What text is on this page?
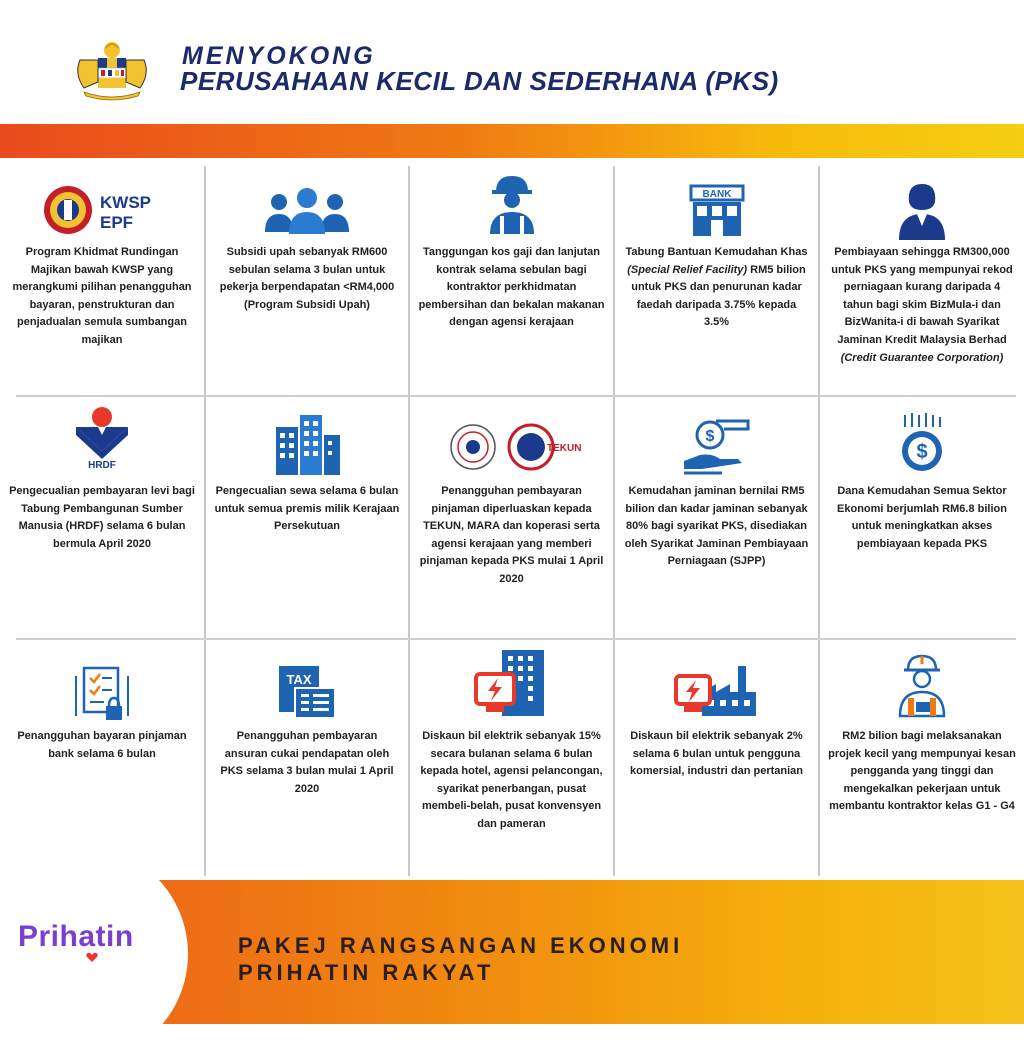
MENYOKONG
PERUSAHAAN KECIL DAN SEDERHANA (PKS)
KWSP
EPF
Program Khidmat Rundingan Majikan bawah KWSP yang merangkumi pilihan penangguhan bayaran, penstrukturan dan penjadualan semula sumbangan majikan
Subsidi upah sebanyak RM600 sebulan selama 3 bulan untuk pekerja berpendapatan <RM4,000 (Program Subsidi Upah)
Tanggungan kos gaji dan lanjutan kontrak selama sebulan bagi kontraktor perkhidmatan pembersihan dan bekalan makanan dengan agensi kerajaan
BANK
Tabung Bantuan Kemudahan Khas (Special Relief Facility) RM5 bilion untuk PKS dan penurunan kadar faedah daripada 3.75% kepada 3.5%
Pembiayaan sehingga RM300,000 untuk PKS yang mempunyai rekod perniagaan kurang daripada 4 tahun bagi skim BizMula-i dan BizWanita-i di bawah Syarikat Jaminan Kredit Malaysia Berhad (Credit Guarantee Corporation)
HRDF
Pengecualian pembayaran levi bagi Tabung Pembangunan Sumber Manusia (HRDF) selama 6 bulan bermula April 2020
Pengecualian sewa selama 6 bulan untuk semua premis milik Kerajaan Persekutuan
TEKUN
Penangguhan pembayaran pinjaman diperluaskan kepada TEKUN, MARA dan koperasi serta agensi kerajaan yang memberi pinjaman kepada PKS mulai 1 April 2020
$
Kemudahan jaminan bernilai RM5 bilion dan kadar jaminan sebanyak 80% bagi syarikat PKS, disediakan oleh Syarikat Jaminan Pembiayaan Perniagaan (SJPP)
$
Dana Kemudahan Semua Sektor Ekonomi berjumlah RM6.8 bilion untuk meningkatkan akses pembiayaan kepada PKS
Penangguhan bayaran pinjaman bank selama 6 bulan
TAX
Penangguhan pembayaran ansuran cukai pendapatan oleh PKS selama 3 bulan mulai 1 April 2020
Diskaun bil elektrik sebanyak 15% secara bulanan selama 6 bulan kepada hotel, agensi pelancongan, syarikat penerbangan, pusat membeli-belah, pusat konvensyen dan pameran
Diskaun bil elektrik sebanyak 2% selama 6 bulan untuk pengguna komersial, industri dan pertanian
RM2 bilion bagi melaksanakan projek kecil yang mempunyai kesan pengganda yang tinggi dan mengekalkan pekerjaan untuk membantu kontraktor kelas G1 - G4
Prihatin	PAKEJ RANGSANGAN EKONOMI
PRIHATIN RAKYAT
